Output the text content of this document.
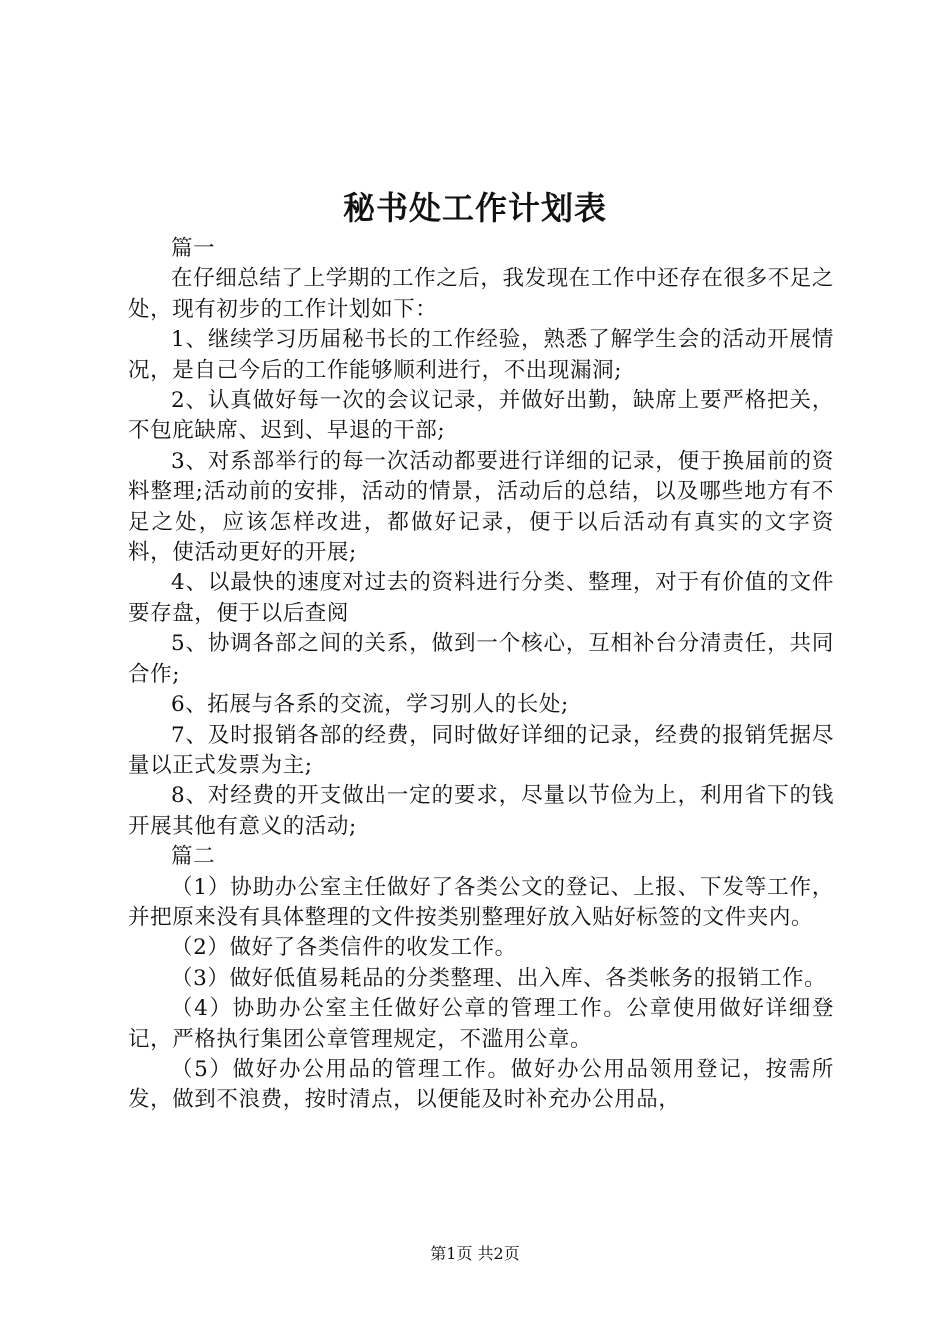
秘书处工作计划表

篇一

在仔细总结了上学期的工作之后，我发现在工作中还存在很多不足之处，现有初步的工作计划如下：

1、继续学习历届秘书长的工作经验，熟悉了解学生会的活动开展情况，是自己今后的工作能够顺利进行，不出现漏洞;

2、认真做好每一次的会议记录，并做好出勤，缺席上要严格把关，不包庇缺席、迟到、早退的干部;

3、对系部举行的每一次活动都要进行详细的记录，便于换届前的资料整理;活动前的安排，活动的情景，活动后的总结，以及哪些地方有不足之处，应该怎样改进，都做好记录，便于以后活动有真实的文字资料，使活动更好的开展;

4、以最快的速度对过去的资料进行分类、整理，对于有价值的文件要存盘，便于以后查阅

5、协调各部之间的关系，做到一个核心，互相补台分清责任，共同合作;

6、拓展与各系的交流，学习别人的长处;

7、及时报销各部的经费，同时做好详细的记录，经费的报销凭据尽量以正式发票为主;

8、对经费的开支做出一定的要求，尽量以节俭为上，利用省下的钱开展其他有意义的活动;

篇二

（1）协助办公室主任做好了各类公文的登记、上报、下发等工作，并把原来没有具体整理的文件按类别整理好放入贴好标签的文件夹内。

（2）做好了各类信件的收发工作。

（3）做好低值易耗品的分类整理、出入库、各类帐务的报销工作。

（4）协助办公室主任做好公章的管理工作。公章使用做好详细登记，严格执行集团公章管理规定，不滥用公章。

（5）做好办公用品的管理工作。做好办公用品领用登记，按需所发，做到不浪费，按时清点，以便能及时补充办公用品，

第1页 共2页
